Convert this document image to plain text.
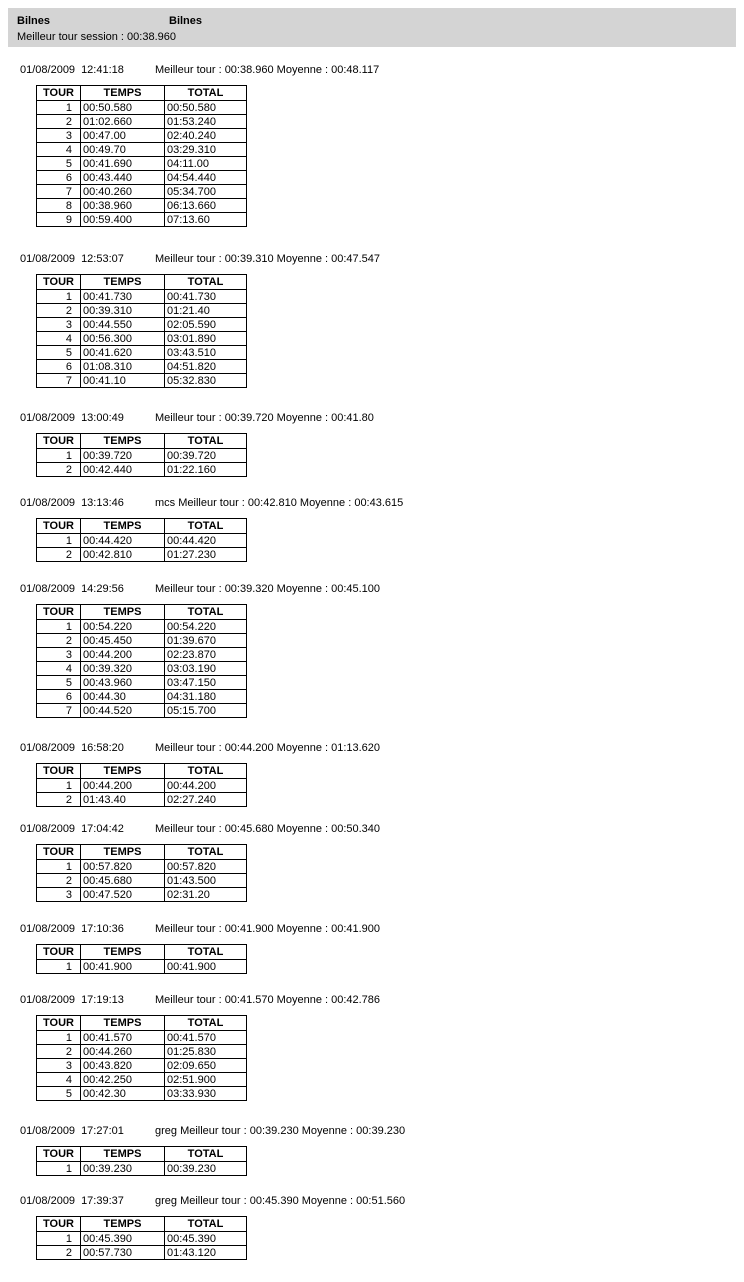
Bilnes	Bilnes
Meilleur tour session : 00:38.960
01/08/2009 12:41:18	Meilleur tour : 00:38.960 Moyenne : 00:48.117
TOUR	TEMPS	TOTAL
1	00:50.580	00:50.580
2	01:02.660	01:53.240
3	00:47.00	02:40.240
4	00:49.70	03:29.310
5	00:41.690	04:11.00
6	00:43.440	04:54.440
7	00:40.260	05:34.700
8	00:38.960	06:13.660
9	00:59.400	07:13.60
01/08/2009 12:53:07	Meilleur tour : 00:39.310 Moyenne : 00:47.547
TOUR	TEMPS	TOTAL
1	00:41.730	00:41.730
2	00:39.310	01:21.40
3	00:44.550	02:05.590
4	00:56.300	03:01.890
5	00:41.620	03:43.510
6	01:08.310	04:51.820
7	00:41.10	05:32.830
01/08/2009 13:00:49	Meilleur tour : 00:39.720 Moyenne : 00:41.80
TOUR	TEMPS	TOTAL
1	00:39.720	00:39.720
2	00:42.440	01:22.160
01/08/2009 13:13:46	mcs Meilleur tour : 00:42.810 Moyenne : 00:43.615
TOUR	TEMPS	TOTAL
1	00:44.420	00:44.420
2	00:42.810	01:27.230
01/08/2009 14:29:56	Meilleur tour : 00:39.320 Moyenne : 00:45.100
TOUR	TEMPS	TOTAL
1	00:54.220	00:54.220
2	00:45.450	01:39.670
3	00:44.200	02:23.870
4	00:39.320	03:03.190
5	00:43.960	03:47.150
6	00:44.30	04:31.180
7	00:44.520	05:15.700
01/08/2009 16:58:20	Meilleur tour : 00:44.200 Moyenne : 01:13.620
TOUR	TEMPS	TOTAL
1	00:44.200	00:44.200
2	01:43.40	02:27.240
01/08/2009 17:04:42	Meilleur tour : 00:45.680 Moyenne : 00:50.340
TOUR	TEMPS	TOTAL
1	00:57.820	00:57.820
2	00:45.680	01:43.500
3	00:47.520	02:31.20
01/08/2009 17:10:36	Meilleur tour : 00:41.900 Moyenne : 00:41.900
TOUR	TEMPS	TOTAL
1	00:41.900	00:41.900
01/08/2009 17:19:13	Meilleur tour : 00:41.570 Moyenne : 00:42.786
TOUR	TEMPS	TOTAL
1	00:41.570	00:41.570
2	00:44.260	01:25.830
3	00:43.820	02:09.650
4	00:42.250	02:51.900
5	00:42.30	03:33.930
01/08/2009 17:27:01	greg Meilleur tour : 00:39.230 Moyenne : 00:39.230
TOUR	TEMPS	TOTAL
1	00:39.230	00:39.230
01/08/2009 17:39:37	greg Meilleur tour : 00:45.390 Moyenne : 00:51.560
TOUR	TEMPS	TOTAL
1	00:45.390	00:45.390
2	00:57.730	01:43.120
